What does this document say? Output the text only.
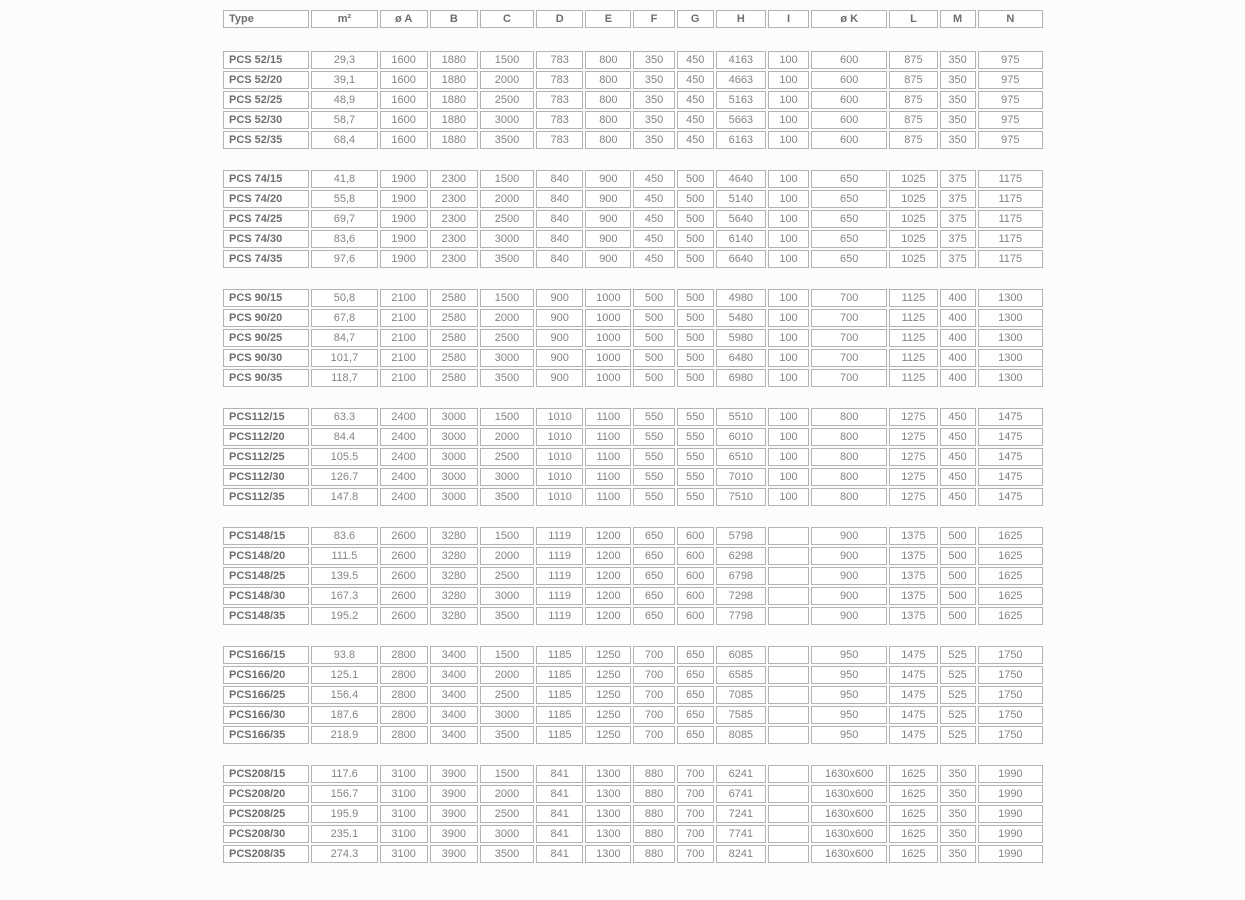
Type	m²	ø A	B	C	D	E	F	G	H	I	ø K	L	M	N
PCS 52/15	29,3	1600	1880	1500	783	800	350	450	4163	100	600	875	350	975
PCS 52/20	39,1	1600	1880	2000	783	800	350	450	4663	100	600	875	350	975
PCS 52/25	48,9	1600	1880	2500	783	800	350	450	5163	100	600	875	350	975
PCS 52/30	58,7	1600	1880	3000	783	800	350	450	5663	100	600	875	350	975
PCS 52/35	68,4	1600	1880	3500	783	800	350	450	6163	100	600	875	350	975
PCS 74/15	41,8	1900	2300	1500	840	900	450	500	4640	100	650	1025	375	1175
PCS 74/20	55,8	1900	2300	2000	840	900	450	500	5140	100	650	1025	375	1175
PCS 74/25	69,7	1900	2300	2500	840	900	450	500	5640	100	650	1025	375	1175
PCS 74/30	83,6	1900	2300	3000	840	900	450	500	6140	100	650	1025	375	1175
PCS 74/35	97,6	1900	2300	3500	840	900	450	500	6640	100	650	1025	375	1175
PCS 90/15	50,8	2100	2580	1500	900	1000	500	500	4980	100	700	1125	400	1300
PCS 90/20	67,8	2100	2580	2000	900	1000	500	500	5480	100	700	1125	400	1300
PCS 90/25	84,7	2100	2580	2500	900	1000	500	500	5980	100	700	1125	400	1300
PCS 90/30	101,7	2100	2580	3000	900	1000	500	500	6480	100	700	1125	400	1300
PCS 90/35	118,7	2100	2580	3500	900	1000	500	500	6980	100	700	1125	400	1300
PCS112/15	63.3	2400	3000	1500	1010	1100	550	550	5510	100	800	1275	450	1475
PCS112/20	84.4	2400	3000	2000	1010	1100	550	550	6010	100	800	1275	450	1475
PCS112/25	105.5	2400	3000	2500	1010	1100	550	550	6510	100	800	1275	450	1475
PCS112/30	126.7	2400	3000	3000	1010	1100	550	550	7010	100	800	1275	450	1475
PCS112/35	147.8	2400	3000	3500	1010	1100	550	550	7510	100	800	1275	450	1475
PCS148/15	83.6	2600	3280	1500	1119	1200	650	600	5798		900	1375	500	1625
PCS148/20	111.5	2600	3280	2000	1119	1200	650	600	6298		900	1375	500	1625
PCS148/25	139.5	2600	3280	2500	1119	1200	650	600	6798		900	1375	500	1625
PCS148/30	167.3	2600	3280	3000	1119	1200	650	600	7298		900	1375	500	1625
PCS148/35	195.2	2600	3280	3500	1119	1200	650	600	7798		900	1375	500	1625
PCS166/15	93.8	2800	3400	1500	1185	1250	700	650	6085		950	1475	525	1750
PCS166/20	125.1	2800	3400	2000	1185	1250	700	650	6585		950	1475	525	1750
PCS166/25	156.4	2800	3400	2500	1185	1250	700	650	7085		950	1475	525	1750
PCS166/30	187.6	2800	3400	3000	1185	1250	700	650	7585		950	1475	525	1750
PCS166/35	218.9	2800	3400	3500	1185	1250	700	650	8085		950	1475	525	1750
PCS208/15	117.6	3100	3900	1500	841	1300	880	700	6241		1630x600	1625	350	1990
PCS208/20	156.7	3100	3900	2000	841	1300	880	700	6741		1630x600	1625	350	1990
PCS208/25	195.9	3100	3900	2500	841	1300	880	700	7241		1630x600	1625	350	1990
PCS208/30	235.1	3100	3900	3000	841	1300	880	700	7741		1630x600	1625	350	1990
PCS208/35	274.3	3100	3900	3500	841	1300	880	700	8241		1630x600	1625	350	1990
